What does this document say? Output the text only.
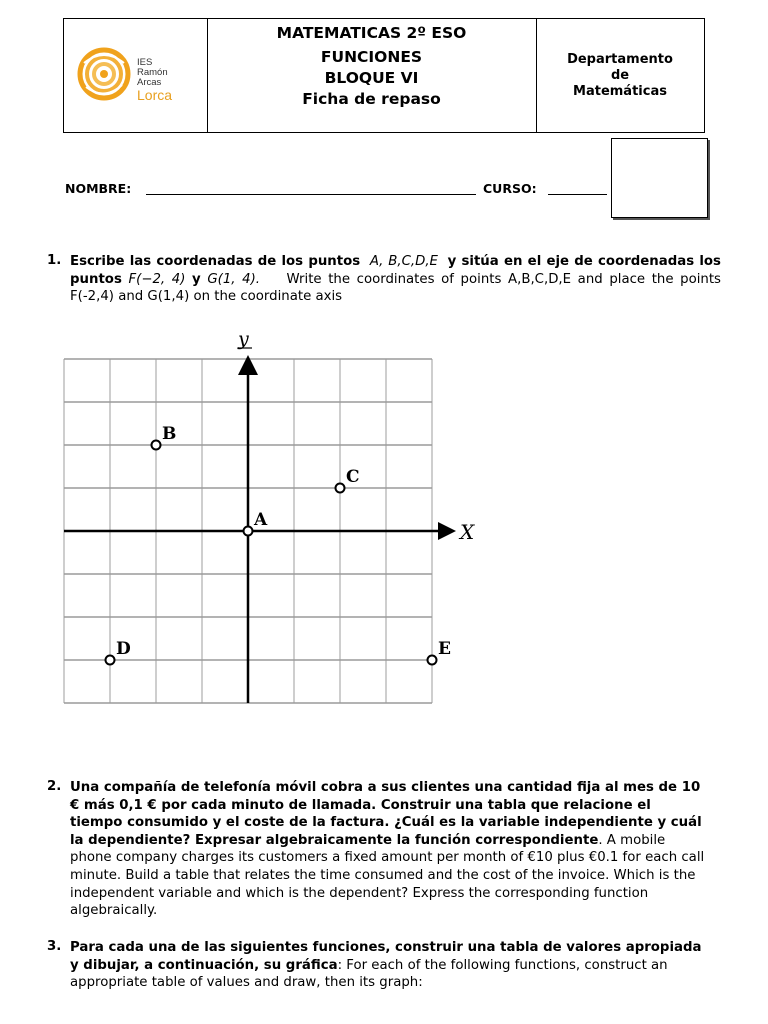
IES
Ramón
Arcas
Lorca
MATEMATICAS 2º ESO
FUNCIONES
BLOQUE VI
Ficha de repaso
Departamento
de
Matemáticas
NOMBRE:	CURSO:
1. Escribe las coordenadas de los puntos A, B,C,D,E y sitúa en el eje de coordenadas los puntos F(−2, 4) y G(1, 4). Write the coordinates of points A,B,C,D,E and place the points F(-2,4) and G(1,4) on the coordinate axis
X
y
A
B
C
D	E
2. Una compañía de telefonía móvil cobra a sus clientes una cantidad fija al mes de 10 € más 0,1 € por cada minuto de llamada. Construir una tabla que relacione el tiempo consumido y el coste de la factura. ¿Cuál es la variable independiente y cuál la dependiente? Expresar algebraicamente la función correspondiente. A mobile phone company charges its customers a fixed amount per month of €10 plus €0.1 for each call minute. Build a table that relates the time consumed and the cost of the invoice. Which is the independent variable and which is the dependent? Express the corresponding function algebraically.
3. Para cada una de las siguientes funciones, construir una tabla de valores apropiada y dibujar, a continuación, su gráfica: For each of the following functions, construct an appropriate table of values and draw, then its graph:
